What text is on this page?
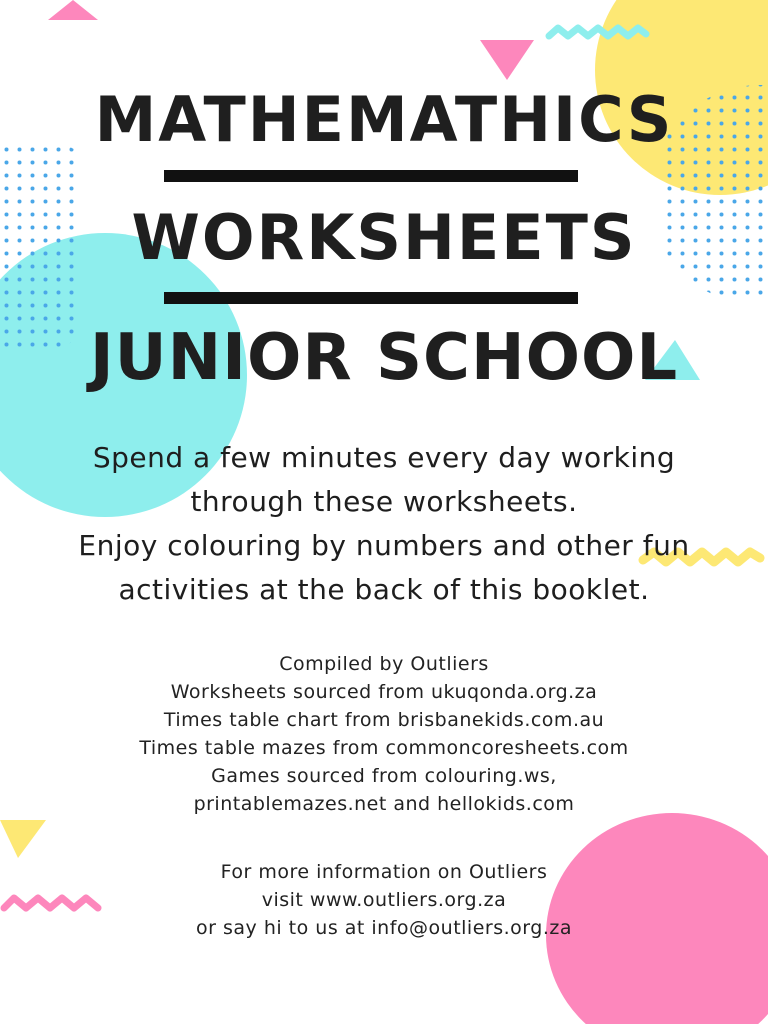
MATHEMATHICS
WORKSHEETS
JUNIOR SCHOOL

Spend a few minutes every day working

through these worksheets.

Enjoy colouring by numbers and other fun

activities at the back of this booklet.

Compiled by Outliers

Worksheets sourced from ukuqonda.org.za

Times table chart from brisbanekids.com.au

Times table mazes from commoncoresheets.com

Games sourced from colouring.ws,

printablemazes.net and hellokids.com

For more information on Outliers

visit www.outliers.org.za

or say hi to us at info@outliers.org.za
